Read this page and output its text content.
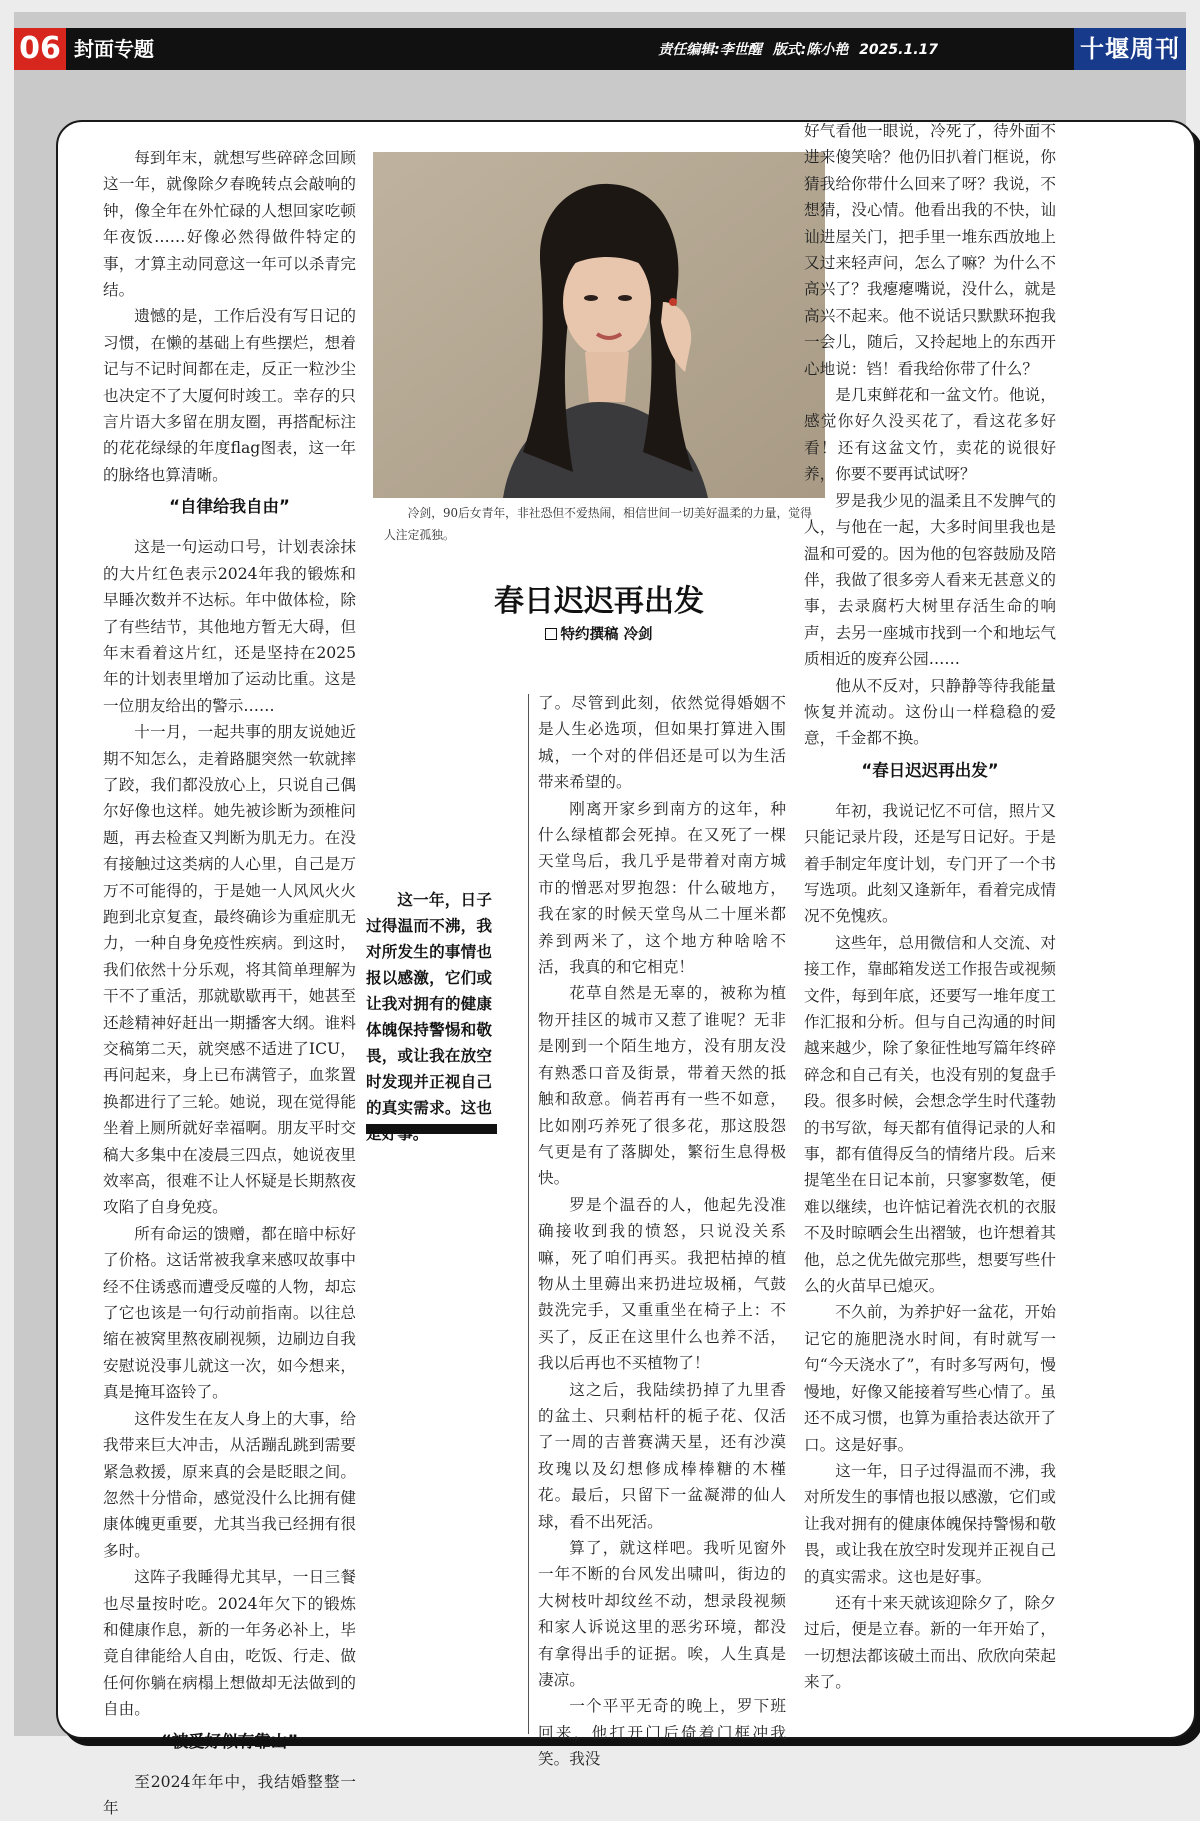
06 封面专题	责任编辑:李世醒 版式:陈小艳 2025.1.17	十堰周刊

每到年末，就想写些碎碎念回顾这一年，就像除夕春晚转点会敲响的钟，像全年在外忙碌的人想回家吃顿年夜饭……好像必然得做件特定的事，才算主动同意这一年可以杀青完结。

遗憾的是，工作后没有写日记的习惯，在懒的基础上有些摆烂，想着记与不记时间都在走，反正一粒沙尘也决定不了大厦何时竣工。幸存的只言片语大多留在朋友圈，再搭配标注的花花绿绿的年度flag图表，这一年的脉络也算清晰。

“自律给我自由”

这是一句运动口号，计划表涂抹的大片红色表示2024年我的锻炼和早睡次数并不达标。年中做体检，除了有些结节，其他地方暂无大碍，但年末看着这片红，还是坚持在2025年的计划表里增加了运动比重。这是一位朋友给出的警示……

十一月，一起共事的朋友说她近期不知怎么，走着路腿突然一软就摔了跤，我们都没放心上，只说自己偶尔好像也这样。她先被诊断为颈椎问题，再去检查又判断为肌无力。在没有接触过这类病的人心里，自己是万万不可能得的，于是她一人风风火火跑到北京复查，最终确诊为重症肌无力，一种自身免疫性疾病。到这时，我们依然十分乐观，将其简单理解为干不了重活，那就歇歇再干，她甚至还趁精神好赶出一期播客大纲。谁料交稿第二天，就突感不适进了ICU，再问起来，身上已布满管子，血浆置换都进行了三轮。她说，现在觉得能坐着上厕所就好幸福啊。朋友平时交稿大多集中在凌晨三四点，她说夜里效率高，很难不让人怀疑是长期熬夜攻陷了自身免疫。

所有命运的馈赠，都在暗中标好了价格。这话常被我拿来感叹故事中经不住诱惑而遭受反噬的人物，却忘了它也该是一句行动前指南。以往总缩在被窝里熬夜刷视频，边刷边自我安慰说没事儿就这一次，如今想来，真是掩耳盗铃了。

这件发生在友人身上的大事，给我带来巨大冲击，从活蹦乱跳到需要紧急救援，原来真的会是眨眼之间。忽然十分惜命，感觉没什么比拥有健康体魄更重要，尤其当我已经拥有很多时。

这阵子我睡得尤其早，一日三餐也尽量按时吃。2024年欠下的锻炼和健康作息，新的一年务必补上，毕竟自律能给人自由，吃饭、行走、做任何你躺在病榻上想做却无法做到的自由。

“被爱好似有靠山”

至2024年年中，我结婚整整一年

冷剑，90后女青年，非社恐但不爱热闹，相信世间一切美好温柔的力量，觉得人注定孤独。
春日迟迟再出发
特约撰稿 冷剑
这一年，日子过得温而不沸，我对所发生的事情也报以感激，它们或让我对拥有的健康体魄保持警惕和敬畏，或让我在放空时发现并正视自己的真实需求。这也

了。尽管到此刻，依然觉得婚姻不是人生必选项，但如果打算进入围城，一个对的伴侣还是可以为生活带来希望的。

刚离开家乡到南方的这年，种什么绿植都会死掉。在又死了一棵天堂鸟后，我几乎是带着对南方城市的憎恶对罗抱怨：什么破地方，我在家的时候天堂鸟从二十厘米都养到两米了，这个地方种啥啥不活，我真的和它相克！

花草自然是无辜的，被称为植物开挂区的城市又惹了谁呢？无非是刚到一个陌生地方，没有朋友没有熟悉口音及街景，带着天然的抵触和敌意。倘若再有一些不如意，比如刚巧养死了很多花，那这股怨气更是有了落脚处，繁衍生息得极快。

罗是个温吞的人，他起先没准确接收到我的愤怒，只说没关系嘛，死了咱们再买。我把枯掉的植物从土里薅出来扔进垃圾桶，气鼓鼓洗完手，又重重坐在椅子上：不买了，反正在这里什么也养不活，我以后再也不买植物了！

这之后，我陆续扔掉了九里香的盆土、只剩枯杆的栀子花、仅活了一周的吉普赛满天星，还有沙漠玫瑰以及幻想修成棒棒糖的木槿花。最后，只留下一盆凝滞的仙人球，看不出死活。

算了，就这样吧。我听见窗外一年不断的台风发出啸叫，街边的大树枝叶却纹丝不动，想录段视频和家人诉说这里的恶劣环境，都没有拿得出手的证据。唉，人生真是凄凉。

一个平平无奇的晚上，罗下班回来，他打开门后倚着门框冲我笑。我没

好气看他一眼说，冷死了，待外面不进来傻笑啥？他仍旧扒着门框说，你猜我给你带什么回来了呀？我说，不想猜，没心情。他看出我的不快，讪讪进屋关门，把手里一堆东西放地上又过来轻声问，怎么了嘛？为什么不高兴了？我瘪瘪嘴说，没什么，就是高兴不起来。他不说话只默默环抱我一会儿，随后，又拎起地上的东西开心地说：铛！看我给你带了什么？

是几束鲜花和一盆文竹。他说，感觉你好久没买花了，看这花多好看！还有这盆文竹，卖花的说很好养，你要不要再试试呀？

罗是我少见的温柔且不发脾气的人，与他在一起，大多时间里我也是温和可爱的。因为他的包容鼓励及陪伴，我做了很多旁人看来无甚意义的事，去录腐朽大树里存活生命的响声，去另一座城市找到一个和地坛气质相近的废弃公园……

他从不反对，只静静等待我能量恢复并流动。这份山一样稳稳的爱意，千金都不换。

“春日迟迟再出发”

年初，我说记忆不可信，照片又只能记录片段，还是写日记好。于是着手制定年度计划，专门开了一个书写选项。此刻又逢新年，看着完成情况不免愧疚。

这些年，总用微信和人交流、对接工作，靠邮箱发送工作报告或视频文件，每到年底，还要写一堆年度工作汇报和分析。但与自己沟通的时间越来越少，除了象征性地写篇年终碎碎念和自己有关，也没有别的复盘手段。很多时候，会想念学生时代蓬勃的书写欲，每天都有值得记录的人和事，都有值得反刍的情绪片段。后来提笔坐在日记本前，只寥寥数笔，便难以继续，也许惦记着洗衣机的衣服不及时晾晒会生出褶皱，也许想着其他，总之优先做完那些，想要写些什么的火苗早已熄灭。

不久前，为养护好一盆花，开始记它的施肥浇水时间，有时就写一句“今天浇水了”，有时多写两句，慢慢地，好像又能接着写些心情了。虽还不成习惯，也算为重拾表达欲开了口。这是好事。

这一年，日子过得温而不沸，我对所发生的事情也报以感激，它们或让我对拥有的健康体魄保持警惕和敬畏，或让我在放空时发现并正视自己的真实需求。这也是好事。

还有十来天就该迎除夕了，除夕过后，便是立春。新的一年开始了，一切想法都该破土而出、欣欣向荣起来了。
